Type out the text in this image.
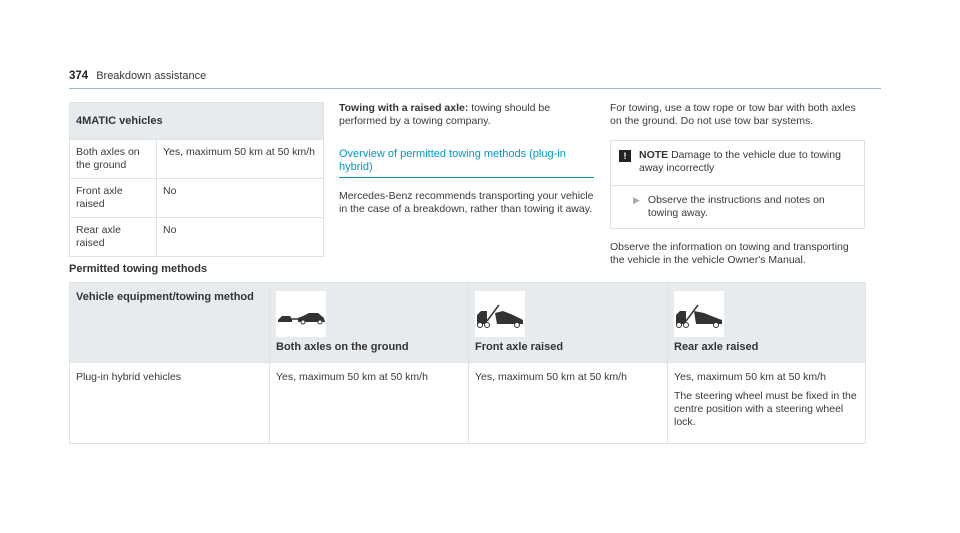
374 Breakdown assistance
4MATIC vehicles	
Both axles on the ground	Yes, maximum 50 km at 50 km/h
Front axle raised	No
Rear axle raised	No

Towing with a raised axle: towing should be performed by a towing company.

Overview of permitted towing methods (plug-in hybrid)

Mercedes-Benz recommends transporting your vehicle in the case of a breakdown, rather than towing it away.

For towing, use a tow rope or tow bar with both axles on the ground. Do not use tow bar systems.

!	NOTE Damage to the vehicle due to towing away incorrectly
▶ Observe the instructions and notes on towing away.

Observe the information on towing and transporting the vehicle in the vehicle Owner's Manual.

Permitted towing methods
Vehicle equipment/towing method	Both axles on the ground	Front axle raised	Rear axle raised

Plug-in hybrid vehicles	Yes, maximum 50 km at 50 km/h	Yes, maximum 50 km at 50 km/h	Yes, maximum 50 km at 50 km/h

The steering wheel must be fixed in the centre position with a steering wheel lock.
